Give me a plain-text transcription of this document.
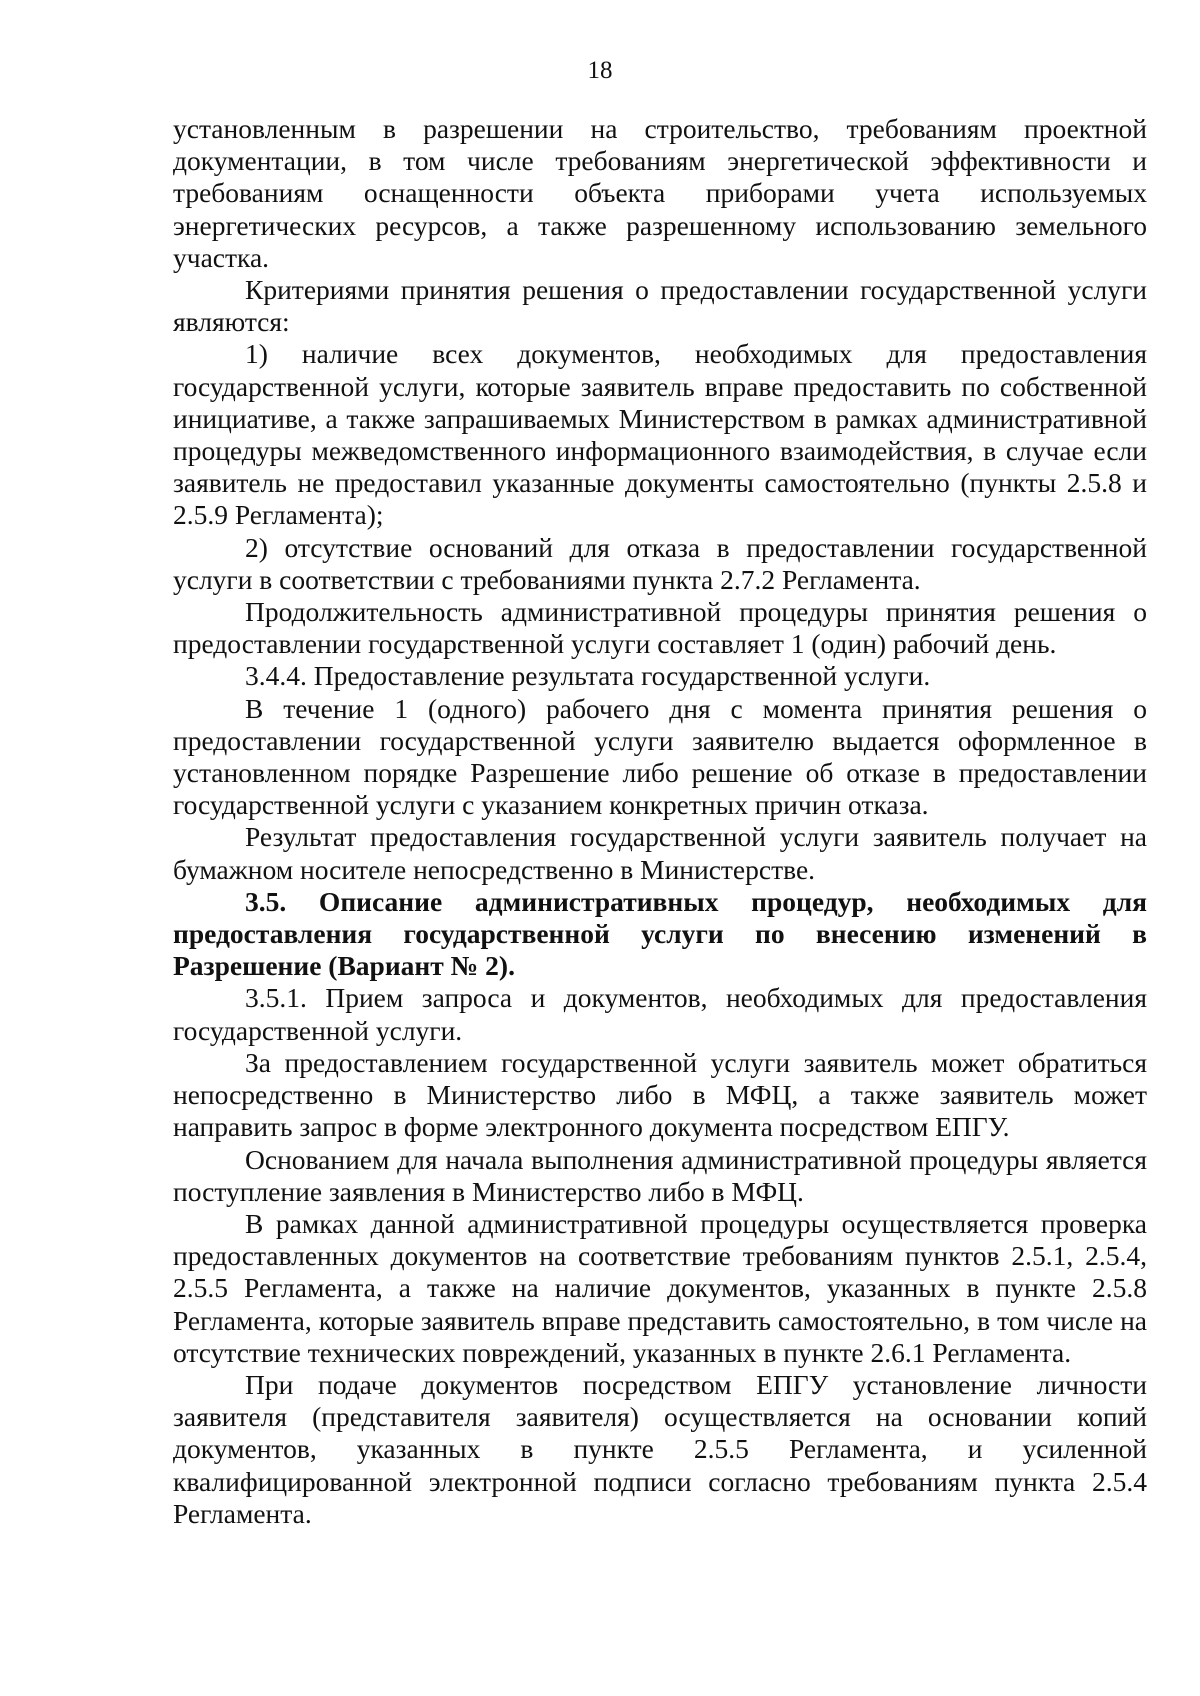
18

установленным в разрешении на строительство, требованиям проектной документации, в том числе требованиям энергетической эффективности и требованиям оснащенности объекта приборами учета используемых энергетических ресурсов, а также разрешенному использованию земельного участка.

Критериями принятия решения о предоставлении государственной услуги являются:

1) наличие всех документов, необходимых для предоставления государственной услуги, которые заявитель вправе предоставить по собственной инициативе, а также запрашиваемых Министерством в рамках административной процедуры межведомственного информационного взаимодействия, в случае если заявитель не предоставил указанные документы самостоятельно (пункты 2.5.8 и 2.5.9 Регламента);

2) отсутствие оснований для отказа в предоставлении государственной услуги в соответствии с требованиями пункта 2.7.2 Регламента.

Продолжительность административной процедуры принятия решения о предоставлении государственной услуги составляет 1 (один) рабочий день.

3.4.4. Предоставление результата государственной услуги.

В течение 1 (одного) рабочего дня с момента принятия решения о предоставлении государственной услуги заявителю выдается оформленное в установленном порядке Разрешение либо решение об отказе в предоставлении государственной услуги с указанием конкретных причин отказа.

Результат предоставления государственной услуги заявитель получает на бумажном носителе непосредственно в Министерстве.

3.5. Описание административных процедур, необходимых для предоставления государственной услуги по внесению изменений в Разрешение (Вариант № 2).

3.5.1. Прием запроса и документов, необходимых для предоставления государственной услуги.

За предоставлением государственной услуги заявитель может обратиться непосредственно в Министерство либо в МФЦ, а также заявитель может направить запрос в форме электронного документа посредством ЕПГУ.

Основанием для начала выполнения административной процедуры является поступление заявления в Министерство либо в МФЦ.

В рамках данной административной процедуры осуществляется проверка предоставленных документов на соответствие требованиям пунктов 2.5.1, 2.5.4, 2.5.5 Регламента, а также на наличие документов, указанных в пункте 2.5.8 Регламента, которые заявитель вправе представить самостоятельно, в том числе на отсутствие технических повреждений, указанных в пункте 2.6.1 Регламента.

При подаче документов посредством ЕПГУ установление личности заявителя (представителя заявителя) осуществляется на основании копий документов, указанных в пункте 2.5.5 Регламента, и усиленной квалифицированной электронной подписи согласно требованиям пункта 2.5.4 Регламента.
